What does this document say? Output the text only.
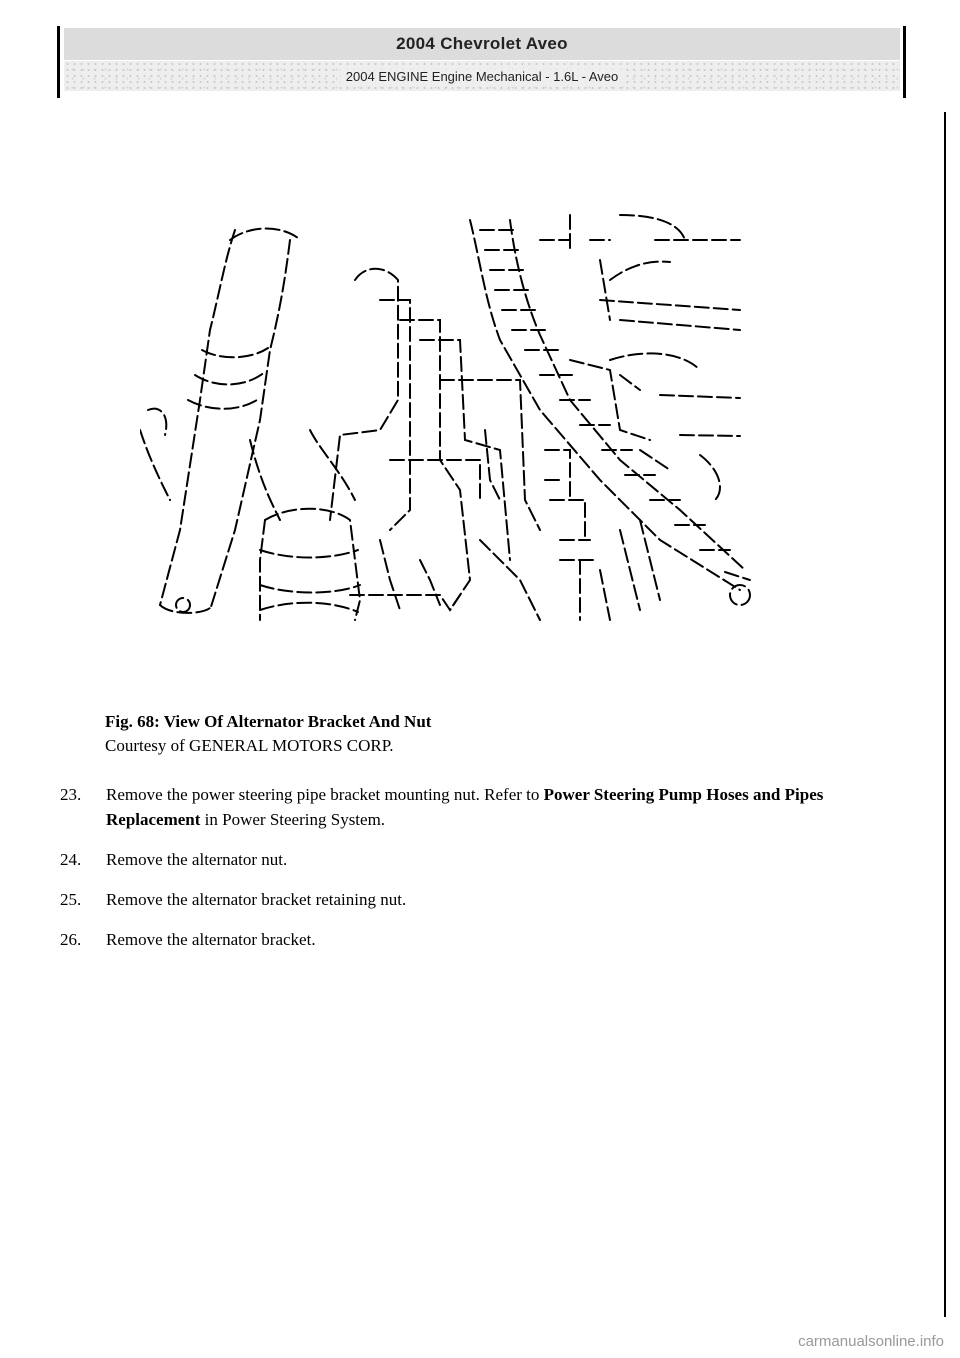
2004 Chevrolet Aveo
2004 ENGINE Engine Mechanical - 1.6L - Aveo
Fig. 68: View Of Alternator Bracket And Nut
Courtesy of GENERAL MOTORS CORP.
23. Remove the power steering pipe bracket mounting nut. Refer to Power Steering Pump Hoses and Pipes Replacement in Power Steering System.
24. Remove the alternator nut.
25. Remove the alternator bracket retaining nut.
26. Remove the alternator bracket.
carmanualsonline.info
